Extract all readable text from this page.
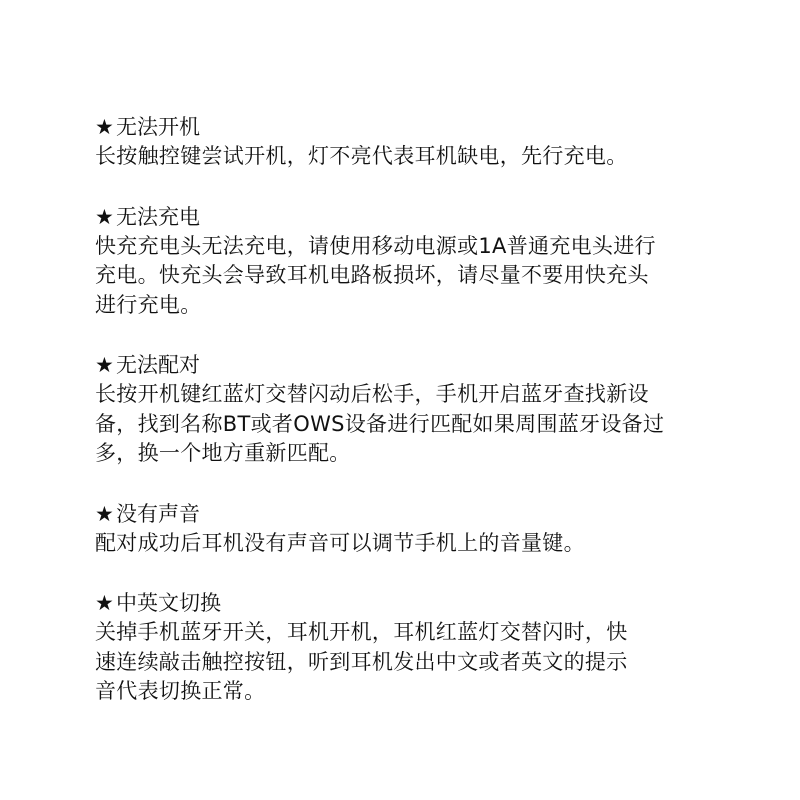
★ 无法开机
长按触控键尝试开机，灯不亮代表耳机缺电，先行充电。
★ 无法充电
快充充电头无法充电，请使用移动电源或1A普通充电头进行
充电。快充头会导致耳机电路板损坏，请尽量不要用快充头
进行充电。
★ 无法配对
长按开机键红蓝灯交替闪动后松手，手机开启蓝牙查找新设
备，找到名称BT或者OWS设备进行匹配如果周围蓝牙设备过
多，换一个地方重新匹配。
★ 没有声音
配对成功后耳机没有声音可以调节手机上的音量键。
★ 中英文切换
关掉手机蓝牙开关，耳机开机，耳机红蓝灯交替闪时，快
速连续敲击触控按钮，听到耳机发出中文或者英文的提示
音代表切换正常。
